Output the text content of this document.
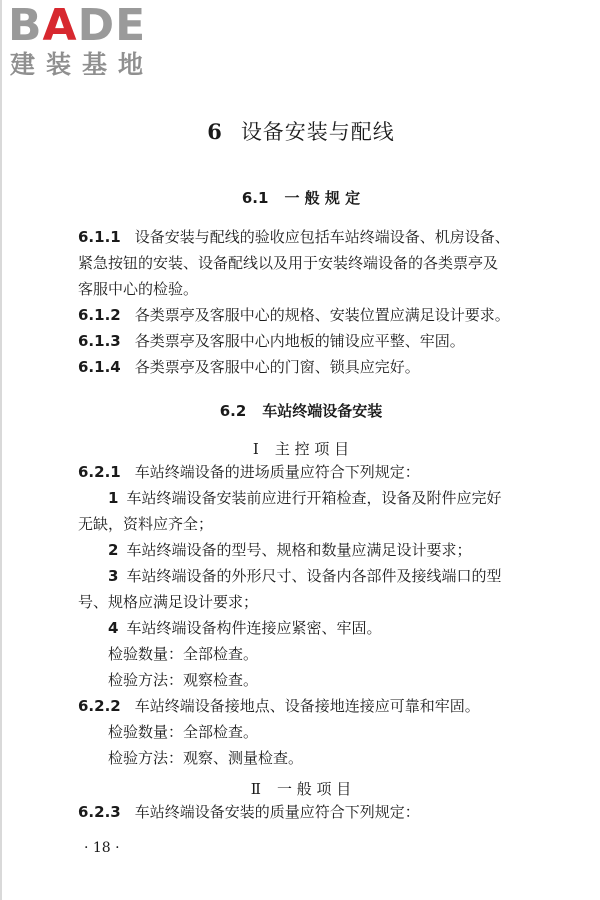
BADE
建装基地
6 设备安装与配线
6.1 一 般 规 定
6.1.1 设备安装与配线的验收应包括车站终端设备、机房设备、
紧急按钮的安装、设备配线以及用于安装终端设备的各类票亭及
客服中心的检验。
6.1.2 各类票亭及客服中心的规格、安装位置应满足设计要求。
6.1.3 各类票亭及客服中心内地板的铺设应平整、牢固。
6.1.4 各类票亭及客服中心的门窗、锁具应完好。
6.2 车站终端设备安装
Ⅰ 主 控 项 目
6.2.1 车站终端设备的进场质量应符合下列规定：
1 车站终端设备安装前应进行开箱检查，设备及附件应完好
无缺，资料应齐全；
2 车站终端设备的型号、规格和数量应满足设计要求；
3 车站终端设备的外形尺寸、设备内各部件及接线端口的型
号、规格应满足设计要求；
4 车站终端设备构件连接应紧密、牢固。
检验数量：全部检查。
检验方法：观察检查。
6.2.2 车站终端设备接地点、设备接地连接应可靠和牢固。
检验数量：全部检查。
检验方法：观察、测量检查。
Ⅱ 一 般 项 目
6.2.3 车站终端设备安装的质量应符合下列规定：
· 18 ·
